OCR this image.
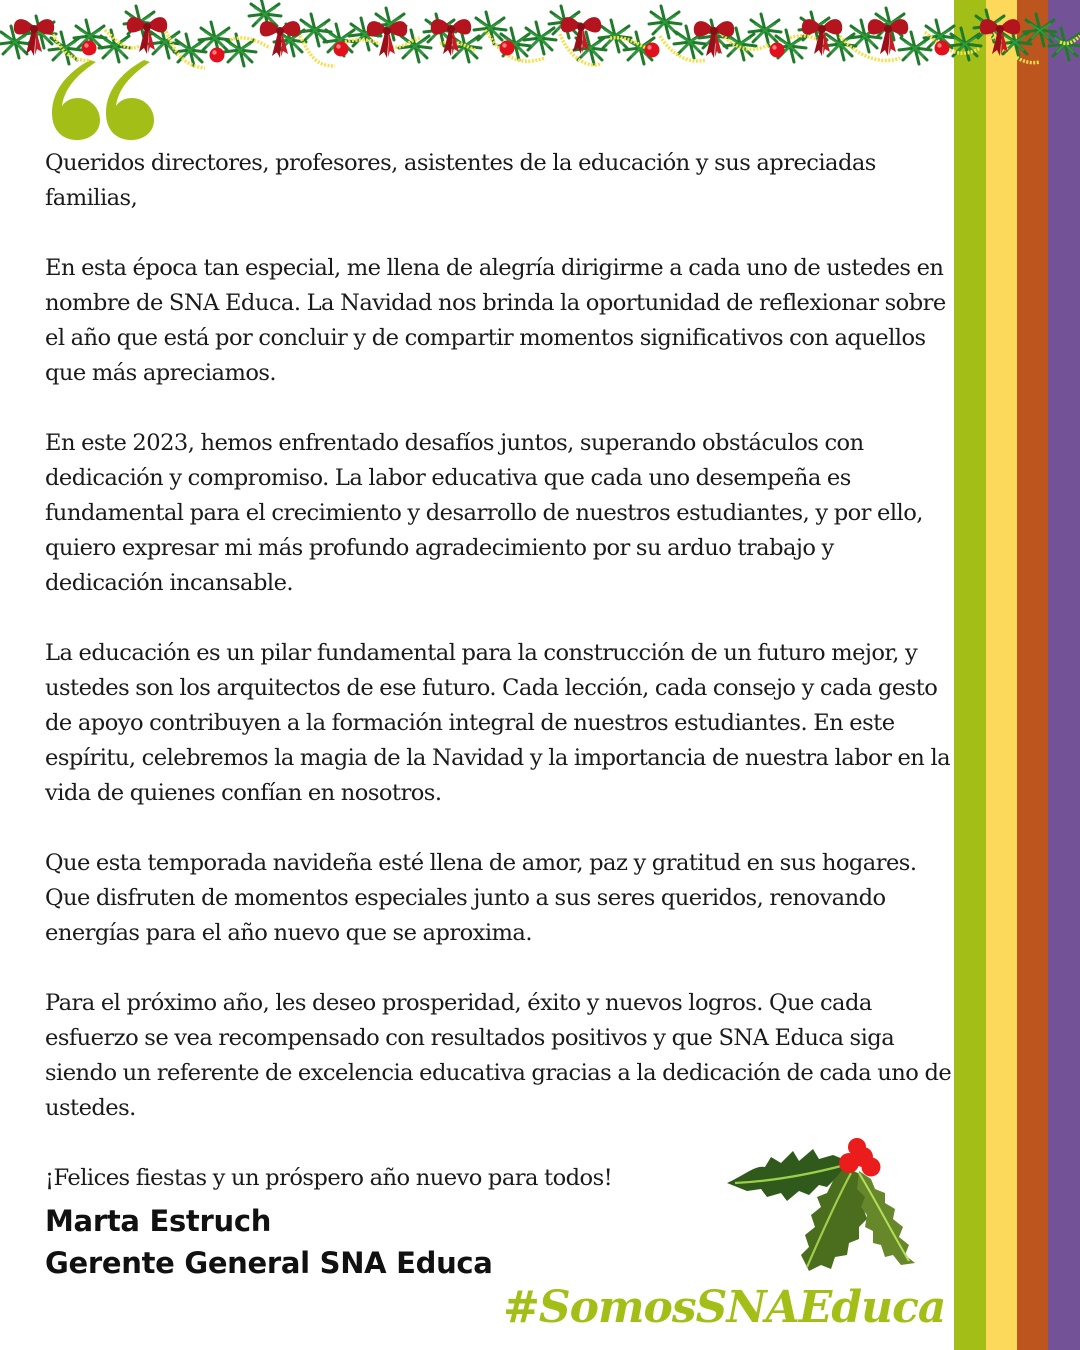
Queridos directores, profesores, asistentes de la educación y sus apreciadas familias,

En esta época tan especial, me llena de alegría dirigirme a cada uno de ustedes en nombre de SNA Educa. La Navidad nos brinda la oportunidad de reflexionar sobre el año que está por concluir y de compartir momentos significativos con aquellos que más apreciamos.

En este 2023, hemos enfrentado desafíos juntos, superando obstáculos con dedicación y compromiso. La labor educativa que cada uno desempeña es fundamental para el crecimiento y desarrollo de nuestros estudiantes, y por ello, quiero expresar mi más profundo agradecimiento por su arduo trabajo y dedicación incansable.

La educación es un pilar fundamental para la construcción de un futuro mejor, y ustedes son los arquitectos de ese futuro. Cada lección, cada consejo y cada gesto de apoyo contribuyen a la formación integral de nuestros estudiantes. En este espíritu, celebremos la magia de la Navidad y la importancia de nuestra labor en la vida de quienes confían en nosotros.

Que esta temporada navideña esté llena de amor, paz y gratitud en sus hogares. Que disfruten de momentos especiales junto a sus seres queridos, renovando energías para el año nuevo que se aproxima.

Para el próximo año, les deseo prosperidad, éxito y nuevos logros. Que cada esfuerzo se vea recompensado con resultados positivos y que SNA Educa siga siendo un referente de excelencia educativa gracias a la dedicación de cada uno de ustedes.

¡Felices fiestas y un próspero año nuevo para todos!

Marta Estruch
Gerente General SNA Educa
#SomosSNAEduca
